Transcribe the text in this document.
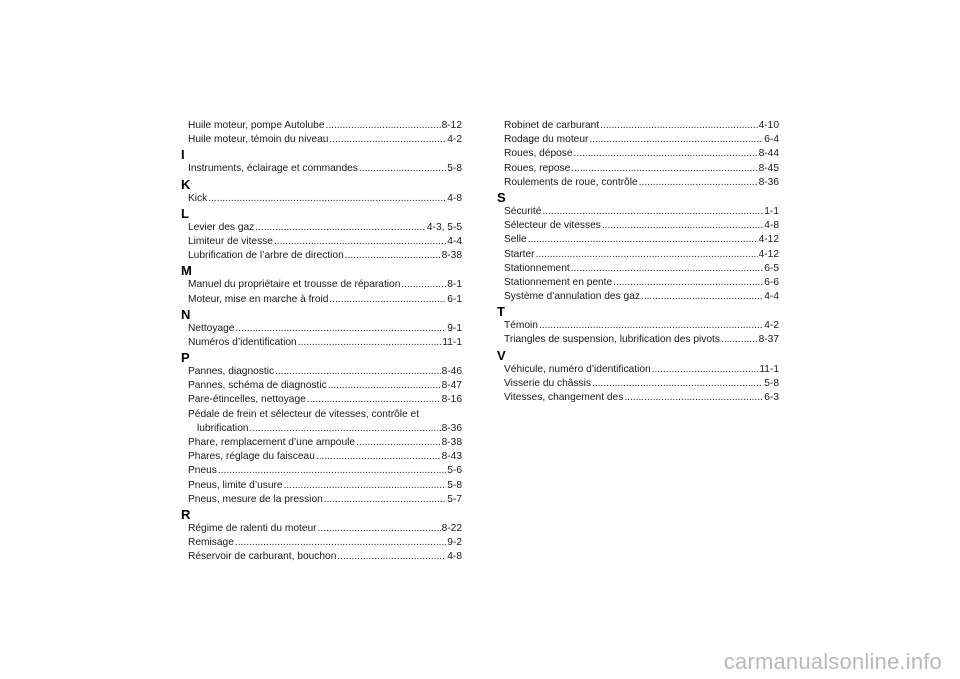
Huile moteur, pompe Autolube .....	8-12
Huile moteur, témoin du niveau .....	4-2
I
Instruments, éclairage et commandes .....	5-8
K
Kick .....	4-8
L
Levier des gaz .....	4-3, 5-5
Limiteur de vitesse .....	4-4
Lubrification de l’arbre de direction .....	8-38
M
Manuel du propriétaire et trousse de réparation .....	8-1
Moteur, mise en marche à froid .....	6-1
N
Nettoyage .....	9-1
Numéros d’identification .....	11-1
P
Pannes, diagnostic .....	8-46
Pannes, schéma de diagnostic .....	8-47
Pare-étincelles, nettoyage .....	8-16
Pédale de frein et sélecteur de vitesses, contrôle et
lubrification .....	8-36
Phare, remplacement d’une ampoule .....	8-38
Phares, réglage du faisceau .....	8-43
Pneus .....	5-6
Pneus, limite d’usure .....	5-8
Pneus, mesure de la pression .....	5-7
R
Régime de ralenti du moteur .....	8-22
Remisage .....	9-2
Réservoir de carburant, bouchon .....	4-8
Robinet de carburant .....	4-10
Rodage du moteur .....	6-4
Roues, dépose .....	8-44
Roues, repose .....	8-45
Roulements de roue, contrôle .....	8-36
S
Sécurité .....	1-1
Sélecteur de vitesses .....	4-8
Selle .....	4-12
Starter .....	4-12
Stationnement .....	6-5
Stationnement en pente .....	6-6
Système d’annulation des gaz .....	4-4
T
Témoin .....	4-2
Triangles de suspension, lubrification des pivots .....	8-37
V
Véhicule, numéro d’identification .....	11-1
Visserie du châssis .....	5-8
Vitesses, changement des .....	6-3
carmanualsonline.info
